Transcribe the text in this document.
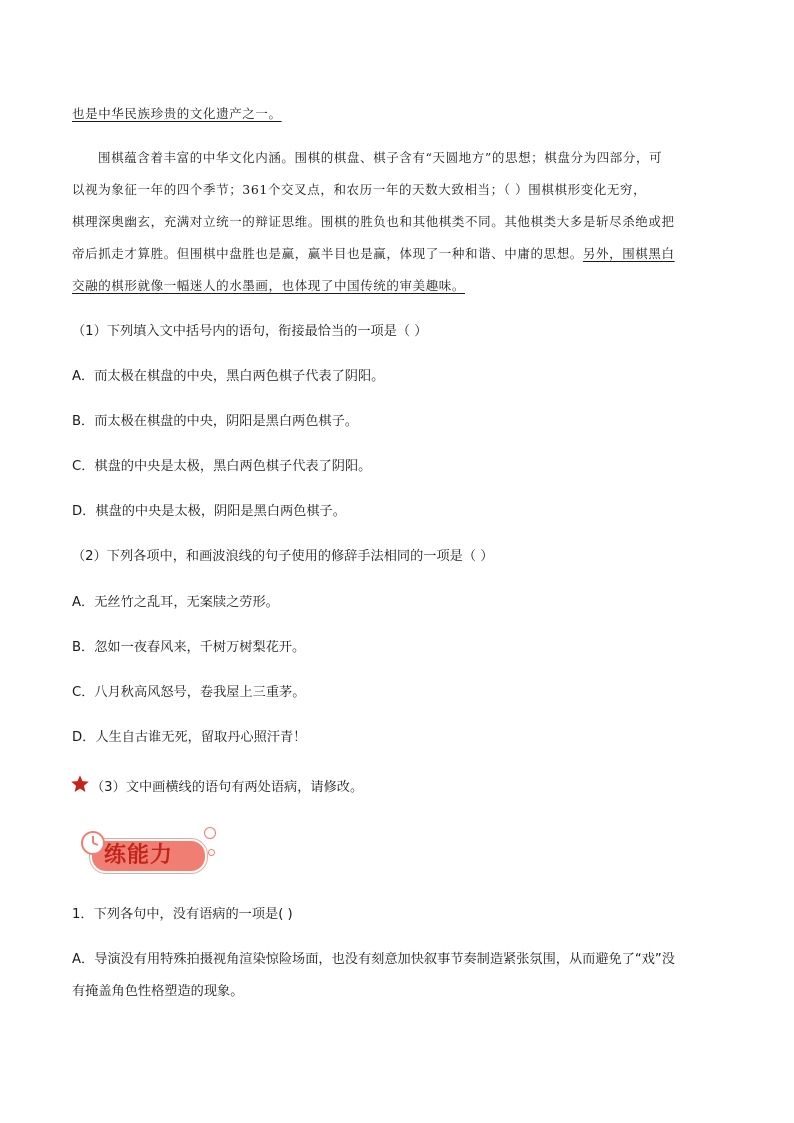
也是中华民族珍贵的文化遗产之一。
围棋蕴含着丰富的中华文化内涵。围棋的棋盘、棋子含有“天圆地方”的思想；棋盘分为四部分，可
以视为象征一年的四个季节；361个交叉点，和农历一年的天数大致相当；（ ）围棋棋形变化无穷，
棋理深奥幽玄，充满对立统一的辩证思维。围棋的胜负也和其他棋类不同。其他棋类大多是斩尽杀绝或把
帝后抓走才算胜。但围棋中盘胜也是赢，赢半目也是赢，体现了一种和谐、中庸的思想。另外，围棋黑白
交融的棋形就像一幅迷人的水墨画，也体现了中国传统的审美趣味。
（1）下列填入文中括号内的语句，衔接最恰当的一项是（ ）
A．而太极在棋盘的中央，黑白两色棋子代表了阴阳。
B．而太极在棋盘的中央，阴阳是黑白两色棋子。
C．棋盘的中央是太极，黑白两色棋子代表了阴阳。
D．棋盘的中央是太极，阴阳是黑白两色棋子。
（2）下列各项中，和画波浪线的句子使用的修辞手法相同的一项是（ ）
A．无丝竹之乱耳，无案牍之劳形。
B．忽如一夜春风来，千树万树梨花开。
C．八月秋高风怒号，卷我屋上三重茅。
D．人生自古谁无死，留取丹心照汗青！
（3）文中画横线的语句有两处语病，请修改。
练能力
1．下列各句中，没有语病的一项是( )
A．导演没有用特殊拍摄视角渲染惊险场面，也没有刻意加快叙事节奏制造紧张氛围，从而避免了“戏”没
有掩盖角色性格塑造的现象。
